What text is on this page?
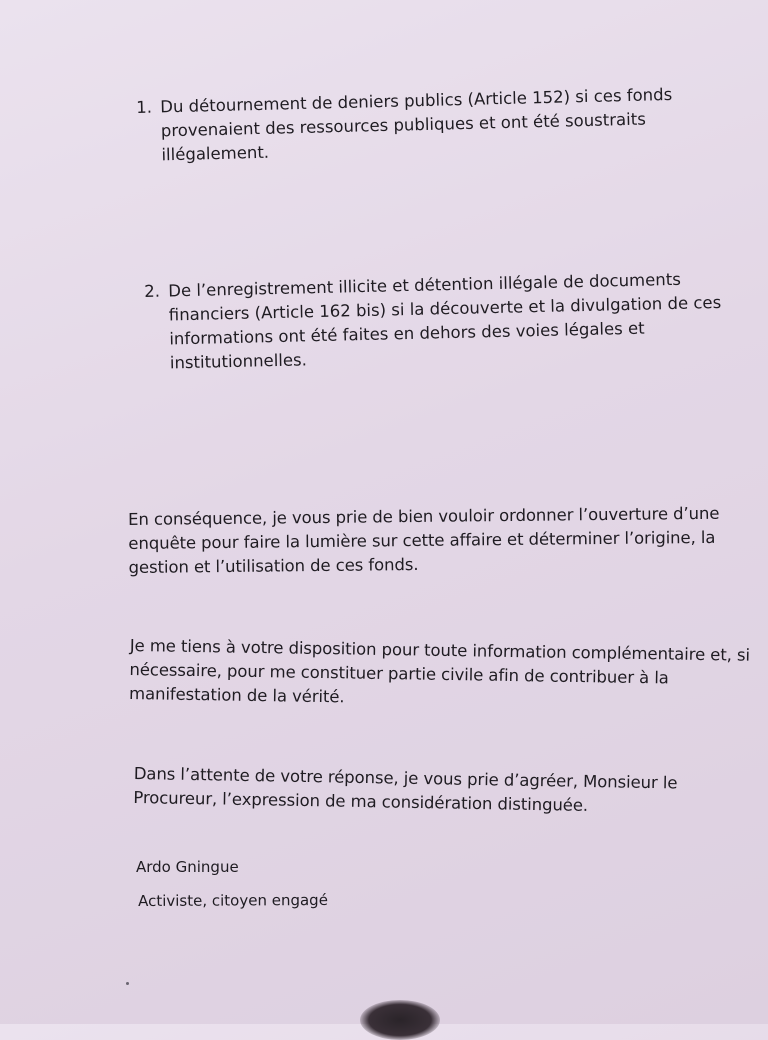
1. Du détournement de deniers publics (Article 152) si ces fonds
provenaient des ressources publiques et ont été soustraits
illégalement.
2. De l’enregistrement illicite et détention illégale de documents
financiers (Article 162 bis) si la découverte et la divulgation de ces
informations ont été faites en dehors des voies légales et
institutionnelles.
En conséquence, je vous prie de bien vouloir ordonner l’ouverture d’une
enquête pour faire la lumière sur cette affaire et déterminer l’origine, la
gestion et l’utilisation de ces fonds.
Je me tiens à votre disposition pour toute information complémentaire et, si
nécessaire, pour me constituer partie civile afin de contribuer à la
manifestation de la vérité.
Dans l’attente de votre réponse, je vous prie d’agréer, Monsieur le
Procureur, l’expression de ma considération distinguée.
Ardo Gningue
Activiste, citoyen engagé
